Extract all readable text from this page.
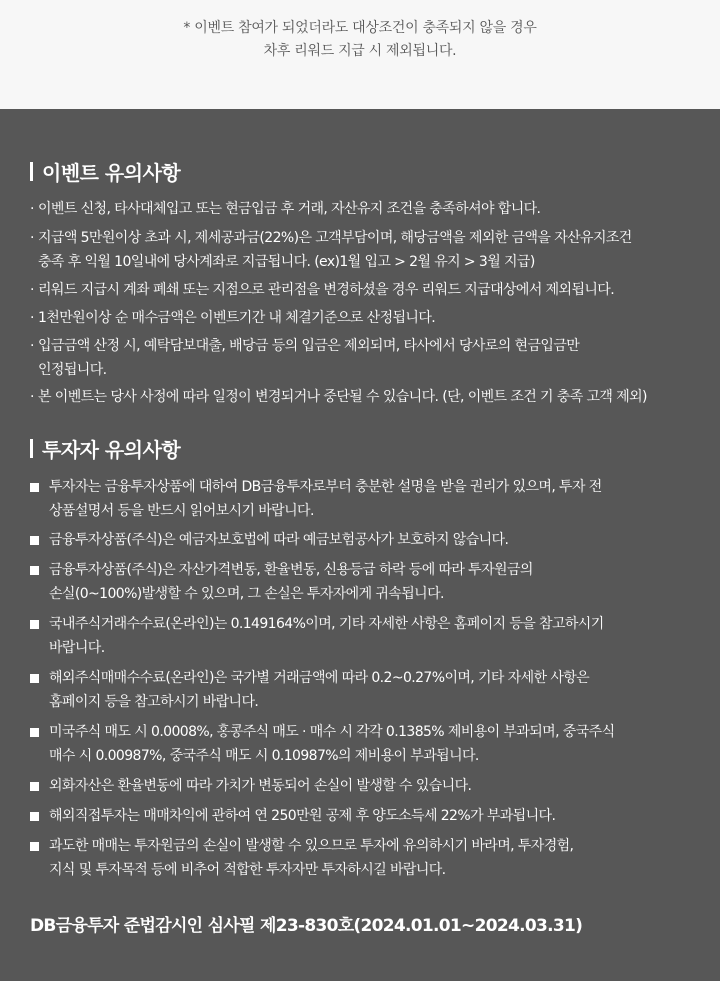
* 이벤트 참여가 되었더라도 대상조건이 충족되지 않을 경우
차후 리워드 지급 시 제외됩니다.
이벤트 유의사항
· 이벤트 신청, 타사대체입고 또는 현금입금 후 거래, 자산유지 조건을 충족하셔야 합니다.
· 지급액 5만원이상 초과 시, 제세공과금(22%)은 고객부담이며, 해당금액을 제외한 금액을 자산유지조건
충족 후 익월 10일내에 당사계좌로 지급됩니다. (ex)1월 입고 > 2월 유지 > 3월 지급)
· 리워드 지급시 계좌 폐쇄 또는 지점으로 관리점을 변경하셨을 경우 리워드 지급대상에서 제외됩니다.
· 1천만원이상 순 매수금액은 이벤트기간 내 체결기준으로 산정됩니다.
· 입금금액 산정 시, 예탁담보대출, 배당금 등의 입금은 제외되며, 타사에서 당사로의 현금입금만
인정됩니다.
· 본 이벤트는 당사 사정에 따라 일정이 변경되거나 중단될 수 있습니다. (단, 이벤트 조건 기 충족 고객 제외)
투자자 유의사항
투자자는 금융투자상품에 대하여 DB금융투자로부터 충분한 설명을 받을 권리가 있으며, 투자 전
상품설명서 등을 반드시 읽어보시기 바랍니다.
금융투자상품(주식)은 예금자보호법에 따라 예금보험공사가 보호하지 않습니다.
금융투자상품(주식)은 자산가격변동, 환율변동, 신용등급 하락 등에 따라 투자원금의
손실(0~100%)발생할 수 있으며, 그 손실은 투자자에게 귀속됩니다.
국내주식거래수수료(온라인)는 0.149164%이며, 기타 자세한 사항은 홈페이지 등을 참고하시기
바랍니다.
해외주식매매수수료(온라인)은 국가별 거래금액에 따라 0.2~0.27%이며, 기타 자세한 사항은
홈페이지 등을 참고하시기 바랍니다.
미국주식 매도 시 0.0008%, 홍콩주식 매도 · 매수 시 각각 0.1385% 제비용이 부과되며, 중국주식
매수 시 0.00987%, 중국주식 매도 시 0.10987%의 제비용이 부과됩니다.
외화자산은 환율변동에 따라 가치가 변동되어 손실이 발생할 수 있습니다.
해외직접투자는 매매차익에 관하여 연 250만원 공제 후 양도소득세 22%가 부과됩니다.
과도한 매매는 투자원금의 손실이 발생할 수 있으므로 투자에 유의하시기 바라며, 투자경험,
지식 및 투자목적 등에 비추어 적합한 투자자만 투자하시길 바랍니다.
DB금융투자 준법감시인 심사필 제23-830호(2024.01.01~2024.03.31)
